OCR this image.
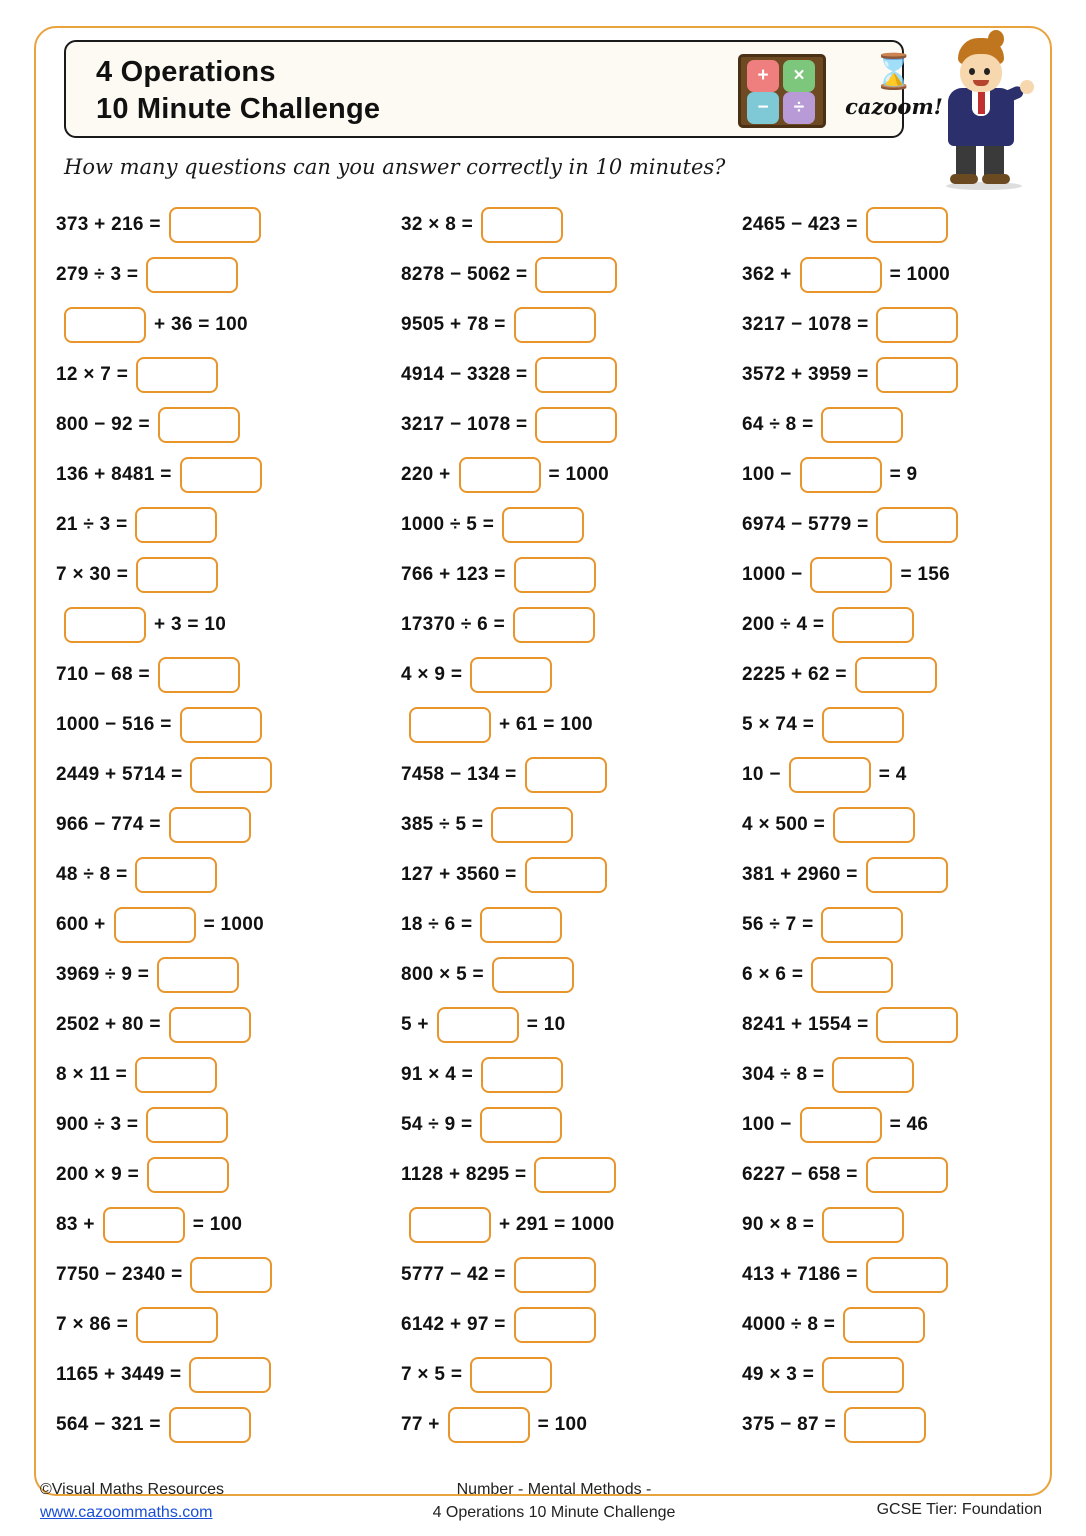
4 Operations
10 Minute Challenge
+	×
−	÷
⌛
cazoom!
How many questions can you answer correctly in 10 minutes?
373 + 216 =
279 ÷ 3 =
+ 36 = 100
12 × 7 =
800 − 92 =
136 + 8481 =
21 ÷ 3 =
7 × 30 =
+ 3 = 10
710 − 68 =
1000 − 516 =
2449 + 5714 =
966 − 774 =
48 ÷ 8 =
600 +	= 1000
3969 ÷ 9 =
2502 + 80 =
8 × 11 =
900 ÷ 3 =
200 × 9 =
83 +	= 100
7750 − 2340 =
7 × 86 =
1165 + 3449 =
564 − 321 =
32 × 8 =
8278 − 5062 =
9505 + 78 =
4914 − 3328 =
3217 − 1078 =
220 +	= 1000
1000 ÷ 5 =
766 + 123 =
17370 ÷ 6 =
4 × 9 =
+ 61 = 100
7458 − 134 =
385 ÷ 5 =
127 + 3560 =
18 ÷ 6 =
800 × 5 =
5 +	= 10
91 × 4 =
54 ÷ 9 =
1128 + 8295 =
+ 291 = 1000
5777 − 42 =
6142 + 97 =
7 × 5 =
77 +	= 100
2465 − 423 =
362 +	= 1000
3217 − 1078 =
3572 + 3959 =
64 ÷ 8 =
100 −	= 9
6974 − 5779 =
1000 −	= 156
200 ÷ 4 =
2225 + 62 =
5 × 74 =
10 −	= 4
4 × 500 =
381 + 2960 =
56 ÷ 7 =
6 × 6 =
8241 + 1554 =
304 ÷ 8 =
100 −	= 46
6227 − 658 =
90 × 8 =
413 + 7186 =
4000 ÷ 8 =
49 × 3 =
375 − 87 =
©Visual Maths Resources
www.cazoommaths.com
Number - Mental Methods -
4 Operations 10 Minute Challenge	GCSE Tier: Foundation
